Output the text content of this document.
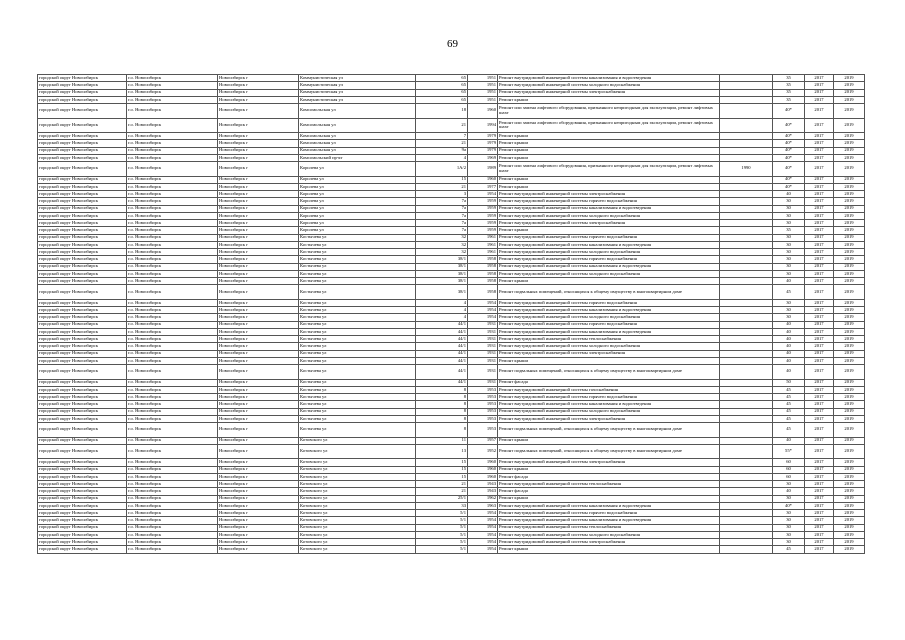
69
городской округ Новосибирск	г.о. Новосибирск	Новосибирск г	Коммунистическая ул	65	1951	Ремонт внутридомовой инженерной системы канализования и водоотведения		35	2017	2019
городской округ Новосибирск	г.о. Новосибирск	Новосибирск г	Коммунистическая ул	65	1951	Ремонт внутридомовой инженерной системы холодного водоснабжения		35	2017	2019
городской округ Новосибирск	г.о. Новосибирск	Новосибирск г	Коммунистическая ул	65	1951	Ремонт внутридомовой инженерной системы электроснабжения		35	2017	2019
городской округ Новосибирск	г.о. Новосибирск	Новосибирск г	Коммунистическая ул	65	1951	Ремонт крыши		35	2017	2019
городской округ Новосибирск	г.о. Новосибирск	Новосибирск г	Комсомольская ул	18	1960	Ремонт или замена лифтового оборудования, признанного непригодным для эксплуатации, ремонт лифтовых шахт		40*	2017	2019
городской округ Новосибирск	г.о. Новосибирск	Новосибирск г	Комсомольская ул	21	1994	Ремонт или замена лифтового оборудования, признанного непригодным для эксплуатации, ремонт лифтовых шахт		40*	2017	2019
городской округ Новосибирск	г.о. Новосибирск	Новосибирск г	Комсомольская ул	7	1979	Ремонт крыши		40*	2017	2019
городской округ Новосибирск	г.о. Новосибирск	Новосибирск г	Комсомольская ул	21	1979	Ремонт крыши		40*	2017	2019
городской округ Новосибирск	г.о. Новосибирск	Новосибирск г	Комсомольская ул	9а	1979	Ремонт крыши		40*	2017	2019
городской округ Новосибирск	г.о. Новосибирск	Новосибирск г	Комсомольский пр-кт	4	1969	Ремонт крыши		40*	2017	2019
городской округ Новосибирск	г.о. Новосибирск	Новосибирск г	Королева ул	1А/2	1989	Ремонт или замена лифтового оборудования, признанного непригодным для эксплуатации, ремонт лифтовых шахт	1990	40*	2017	2019
городской округ Новосибирск	г.о. Новосибирск	Новосибирск г	Королева ул	15	1960	Ремонт крыши		40*	2017	2019
городской округ Новосибирск	г.о. Новосибирск	Новосибирск г	Королева ул	21	1977	Ремонт крыши		40*	2017	2019
городской округ Новосибирск	г.о. Новосибирск	Новосибирск г	Королева ул	3	1954	Ремонт внутридомовой инженерной системы электроснабжения		40	2017	2019
городской округ Новосибирск	г.о. Новосибирск	Новосибирск г	Королева ул	7а	1959	Ремонт внутридомовой инженерной системы горячего водоснабжения		30	2017	2019
городской округ Новосибирск	г.о. Новосибирск	Новосибирск г	Королева ул	7а	1959	Ремонт внутридомовой инженерной системы канализования и водоотведения		30	2017	2019
городской округ Новосибирск	г.о. Новосибирск	Новосибирск г	Королева ул	7а	1959	Ремонт внутридомовой инженерной системы холодного водоснабжения		30	2017	2019
городской округ Новосибирск	г.о. Новосибирск	Новосибирск г	Королева ул	7а	1959	Ремонт внутридомовой инженерной системы электроснабжения		30	2017	2019
городской округ Новосибирск	г.о. Новосибирск	Новосибирск г	Королева ул	7а	1959	Ремонт крыши		35	2017	2019
городской округ Новосибирск	г.о. Новосибирск	Новосибирск г	Костычева ул	32	1961	Ремонт внутридомовой инженерной системы горячего водоснабжения		30	2017	2019
городской округ Новосибирск	г.о. Новосибирск	Новосибирск г	Костычева ул	32	1961	Ремонт внутридомовой инженерной системы канализования и водоотведения		30	2017	2019
городской округ Новосибирск	г.о. Новосибирск	Новосибирск г	Костычева ул	32	1961	Ремонт внутридомовой инженерной системы холодного водоснабжения		30	2017	2019
городской округ Новосибирск	г.о. Новосибирск	Новосибирск г	Костычева ул	38/1	1958	Ремонт внутридомовой инженерной системы горячего водоснабжения		30	2017	2019
городской округ Новосибирск	г.о. Новосибирск	Новосибирск г	Костычева ул	38/1	1958	Ремонт внутридомовой инженерной системы канализования и водоотведения		30	2017	2019
городской округ Новосибирск	г.о. Новосибирск	Новосибирск г	Костычева ул	38/1	1958	Ремонт внутридомовой инженерной системы холодного водоснабжения		30	2017	2019
городской округ Новосибирск	г.о. Новосибирск	Новосибирск г	Костычева ул	38/1	1958	Ремонт крыши		40	2017	2019
городской округ Новосибирск	г.о. Новосибирск	Новосибирск г	Костычева ул	38/1	1958	Ремонт подвальных помещений, относящихся к общему имуществу в многоквартирном доме		45	2017	2019
городской округ Новосибирск	г.о. Новосибирск	Новосибирск г	Костычева ул	4	1954	Ремонт внутридомовой инженерной системы горячего водоснабжения		30	2017	2019
городской округ Новосибирск	г.о. Новосибирск	Новосибирск г	Костычева ул	4	1954	Ремонт внутридомовой инженерной системы канализования и водоотведения		30	2017	2019
городской округ Новосибирск	г.о. Новосибирск	Новосибирск г	Костычева ул	4	1954	Ремонт внутридомовой инженерной системы холодного водоснабжения		30	2017	2019
городской округ Новосибирск	г.о. Новосибирск	Новосибирск г	Костычева ул	44/1	1931	Ремонт внутридомовой инженерной системы горячего водоснабжения		40	2017	2019
городской округ Новосибирск	г.о. Новосибирск	Новосибирск г	Костычева ул	44/1	1931	Ремонт внутридомовой инженерной системы канализования и водоотведения		40	2017	2019
городской округ Новосибирск	г.о. Новосибирск	Новосибирск г	Костычева ул	44/1	1931	Ремонт внутридомовой инженерной системы теплоснабжения		40	2017	2019
городской округ Новосибирск	г.о. Новосибирск	Новосибирск г	Костычева ул	44/1	1931	Ремонт внутридомовой инженерной системы холодного водоснабжения		40	2017	2019
городской округ Новосибирск	г.о. Новосибирск	Новосибирск г	Костычева ул	44/1	1931	Ремонт внутридомовой инженерной системы электроснабжения		40	2017	2019
городской округ Новосибирск	г.о. Новосибирск	Новосибирск г	Костычева ул	44/1	1931	Ремонт крыши		40	2017	2019
городской округ Новосибирск	г.о. Новосибирск	Новосибирск г	Костычева ул	44/1	1931	Ремонт подвальных помещений, относящихся к общему имуществу в многоквартирном доме		40	2017	2019
городской округ Новосибирск	г.о. Новосибирск	Новосибирск г	Костычева ул	44/1	1931	Ремонт фасада		50	2017	2019
городской округ Новосибирск	г.о. Новосибирск	Новосибирск г	Костычева ул	8	1953	Ремонт внутридомовой инженерной системы газоснабжения		45	2017	2019
городской округ Новосибирск	г.о. Новосибирск	Новосибирск г	Костычева ул	8	1953	Ремонт внутридомовой инженерной системы горячего водоснабжения		45	2017	2019
городской округ Новосибирск	г.о. Новосибирск	Новосибирск г	Костычева ул	8	1953	Ремонт внутридомовой инженерной системы канализования и водоотведения		45	2017	2019
городской округ Новосибирск	г.о. Новосибирск	Новосибирск г	Костычева ул	8	1953	Ремонт внутридомовой инженерной системы холодного водоснабжения		45	2017	2019
городской округ Новосибирск	г.о. Новосибирск	Новосибирск г	Костычева ул	8	1953	Ремонт внутридомовой инженерной системы электроснабжения		45	2017	2019
городской округ Новосибирск	г.о. Новосибирск	Новосибирск г	Костычева ул	8	1953	Ремонт подвальных помещений, относящихся к общему имуществу в многоквартирном доме		45	2017	2019
городской округ Новосибирск	г.о. Новосибирск	Новосибирск г	Котовского ул	11	1957	Ремонт крыши		40	2017	2019
городской округ Новосибирск	г.о. Новосибирск	Новосибирск г	Котовского ул	13	1952	Ремонт подвальных помещений, относящихся к общему имуществу в многоквартирном доме		55*	2017	2019
городской округ Новосибирск	г.о. Новосибирск	Новосибирск г	Котовского ул	15	1960	Ремонт внутридомовой инженерной системы электроснабжения		60	2017	2019
городской округ Новосибирск	г.о. Новосибирск	Новосибирск г	Котовского ул	15	1960	Ремонт крыши		60	2017	2019
городской округ Новосибирск	г.о. Новосибирск	Новосибирск г	Котовского ул	15	1960	Ремонт фасада		60	2017	2019
городской округ Новосибирск	г.о. Новосибирск	Новосибирск г	Котовского ул	21	1943	Ремонт внутридомовой инженерной системы теплоснабжения		30	2017	2019
городской округ Новосибирск	г.о. Новосибирск	Новосибирск г	Котовского ул	21	1943	Ремонт фасада		40	2017	2019
городской округ Новосибирск	г.о. Новосибирск	Новосибирск г	Котовского ул	25/1	1962	Ремонт крыши		30	2017	2019
городской округ Новосибирск	г.о. Новосибирск	Новосибирск г	Котовского ул	33	1963	Ремонт внутридомовой инженерной системы канализования и водоотведения		40*	2017	2019
городской округ Новосибирск	г.о. Новосибирск	Новосибирск г	Котовского ул	5/1	1954	Ремонт внутридомовой инженерной системы горячего водоснабжения		30	2017	2019
городской округ Новосибирск	г.о. Новосибирск	Новосибирск г	Котовского ул	5/1	1954	Ремонт внутридомовой инженерной системы канализования и водоотведения		30	2017	2019
городской округ Новосибирск	г.о. Новосибирск	Новосибирск г	Котовского ул	5/1	1954	Ремонт внутридомовой инженерной системы теплоснабжения		30	2017	2019
городской округ Новосибирск	г.о. Новосибирск	Новосибирск г	Котовского ул	5/1	1954	Ремонт внутридомовой инженерной системы холодного водоснабжения		30	2017	2019
городской округ Новосибирск	г.о. Новосибирск	Новосибирск г	Котовского ул	5/1	1954	Ремонт внутридомовой инженерной системы электроснабжения		30	2017	2019
городской округ Новосибирск	г.о. Новосибирск	Новосибирск г	Котовского ул	5/1	1954	Ремонт крыши		45	2017	2019
